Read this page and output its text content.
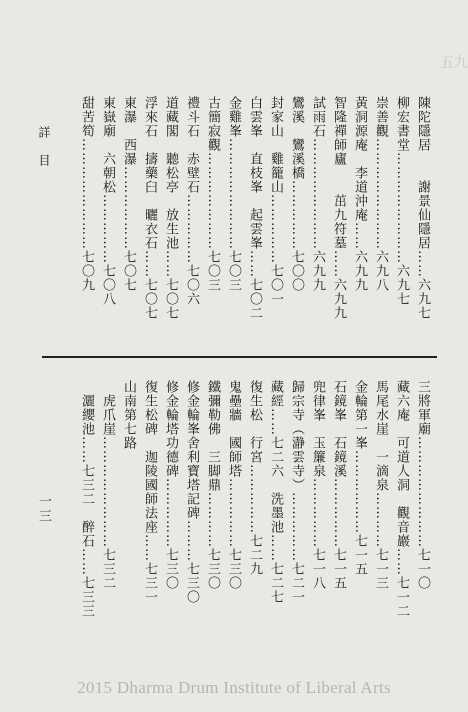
五九
陳陀隱居　　謝景仙隱居……六九七
柳宏書堂……………………六九七
崇善觀……………………六九八
黃洞源庵　李道沖庵……六九九
智隆禪師廬　　茁九符墓……六九九
試雨石……………………六九九
鸞溪　鸞溪橋……………七〇〇
封家山　雞籠山……………七〇一
白雲峯　直枝峯　起雲峯……七〇二
金雞峯……………………七〇三
古簡寂觀…………………七〇三
禮斗石　赤壁石……………七〇六
道藏閣　聽松亭　放生池……七〇七
浮來石　擣藥臼　曬衣石……七〇七
東瀑　西瀑………………七〇七
東嶽廟　六朝松……………七〇八
甜苦筍……………………七〇九
詳目
三將軍廟……………………七一〇
藏六庵　可道人洞　觀音巖……七一二
馬尾水崖　一滴泉…………七一三
金輪第一峯………………七一五
石鏡峯　石鏡溪……………七一五
兜律峯　玉簾泉……………七一八
歸宗寺（瀞雲寺）……………七二一
藏經……七二六　洗墨池……七二七
復生松　行宮……………七二九
鬼壘牆　國師塔……………七三〇
鐵彌勒佛　三脚鼎…………七三〇
修金輪峯舍利寶塔記碑………七三〇
修金輪塔功德碑……………七三〇
復生松碑　迦陵國師法座……七三一
山南第七路
虎爪崖……………………七三二
灑纓池……七三二　醉石……七三三
一三
2015 Dharma Drum Institute of Liberal Arts
